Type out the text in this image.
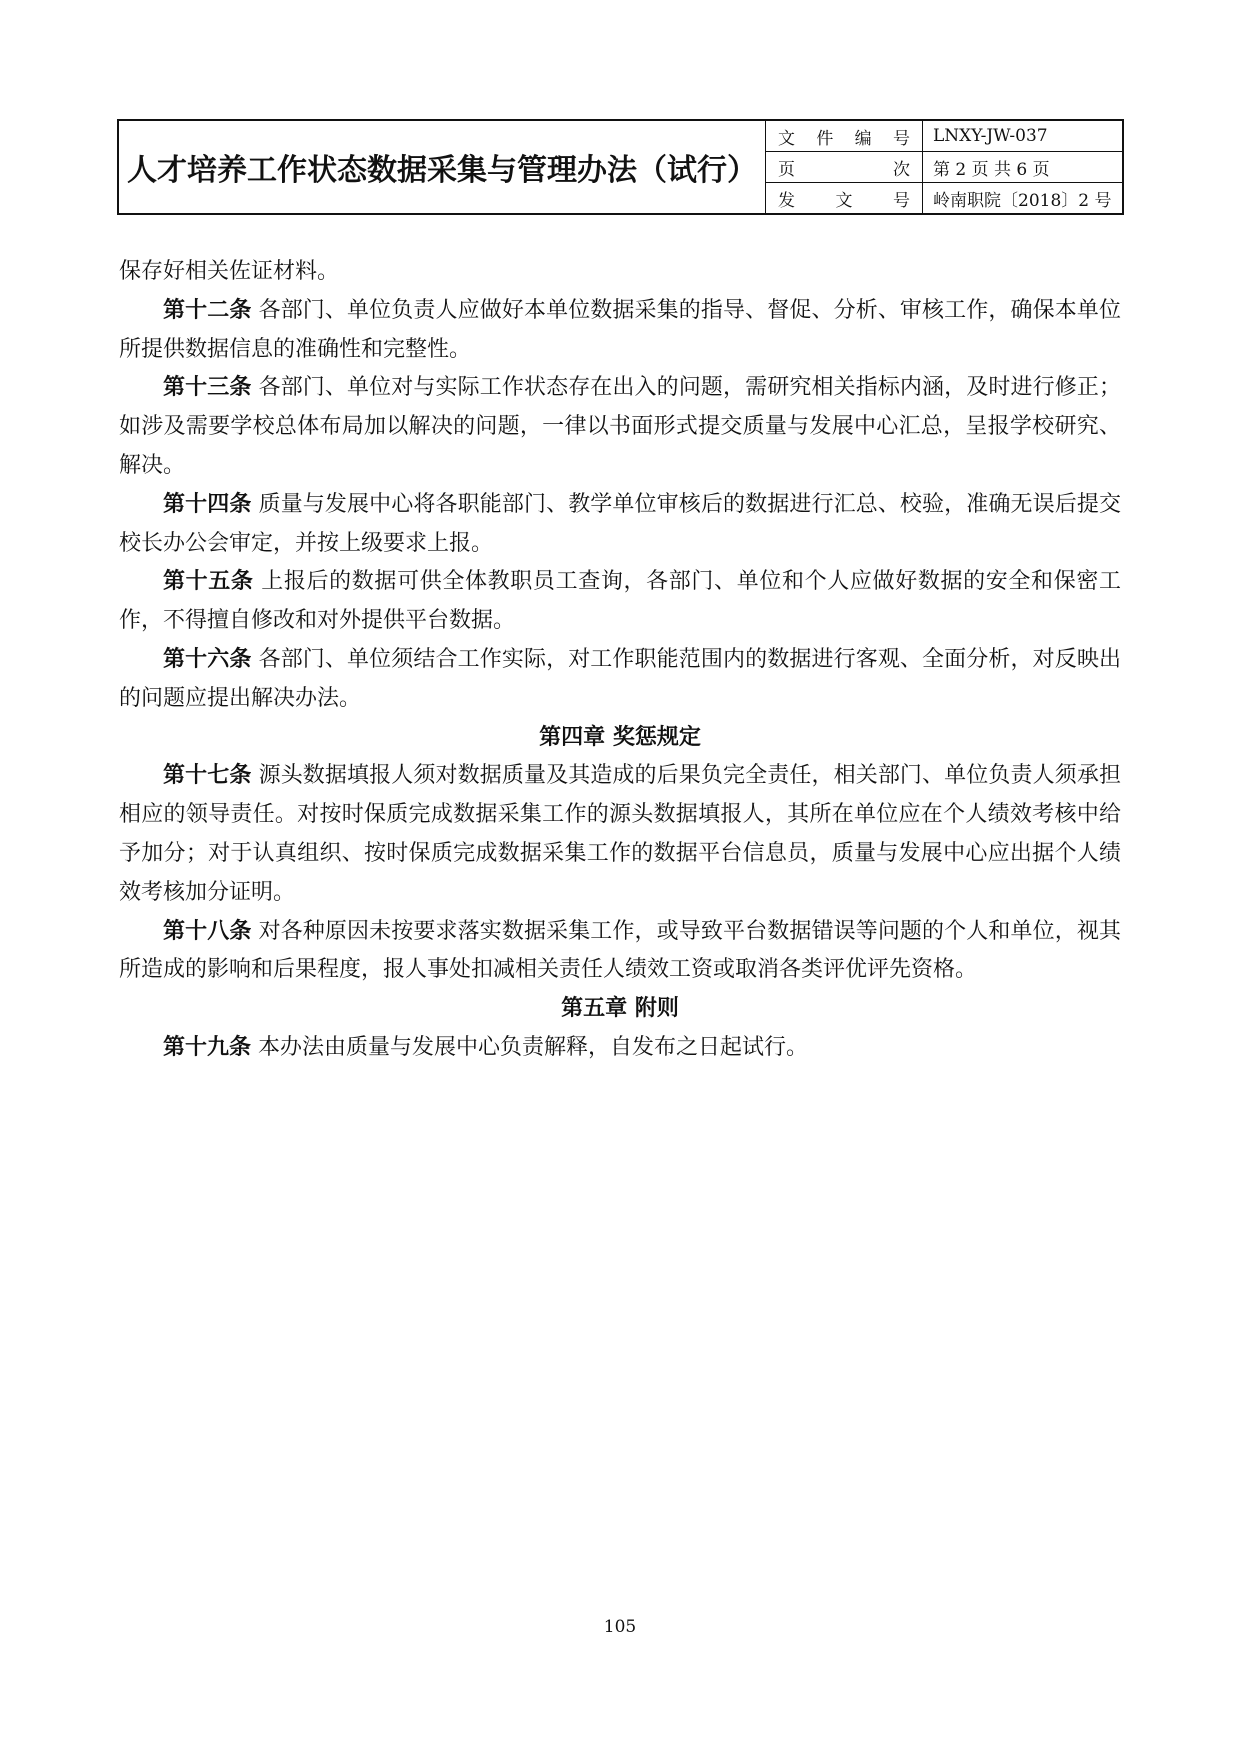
人才培养工作状态数据采集与管理办法（试行）	文件编号	LNXY-JW-037
	页次	第 2 页 共 6 页
	发文号	岭南职院〔2018〕2 号

保存好相关佐证材料。

第十二条 各部门、单位负责人应做好本单位数据采集的指导、督促、分析、审核工作，确保本单位所提供数据信息的准确性和完整性。

第十三条 各部门、单位对与实际工作状态存在出入的问题，需研究相关指标内涵，及时进行修正；如涉及需要学校总体布局加以解决的问题，一律以书面形式提交质量与发展中心汇总，呈报学校研究、解决。

第十四条 质量与发展中心将各职能部门、教学单位审核后的数据进行汇总、校验，准确无误后提交校长办公会审定，并按上级要求上报。

第十五条 上报后的数据可供全体教职员工查询，各部门、单位和个人应做好数据的安全和保密工作，不得擅自修改和对外提供平台数据。

第十六条 各部门、单位须结合工作实际，对工作职能范围内的数据进行客观、全面分析，对反映出的问题应提出解决办法。

第四章 奖惩规定

第十七条 源头数据填报人须对数据质量及其造成的后果负完全责任，相关部门、单位负责人须承担相应的领导责任。对按时保质完成数据采集工作的源头数据填报人，其所在单位应在个人绩效考核中给予加分；对于认真组织、按时保质完成数据采集工作的数据平台信息员，质量与发展中心应出据个人绩效考核加分证明。

第十八条 对各种原因未按要求落实数据采集工作，或导致平台数据错误等问题的个人和单位，视其所造成的影响和后果程度，报人事处扣减相关责任人绩效工资或取消各类评优评先资格。

第五章 附则

第十九条 本办法由质量与发展中心负责解释，自发布之日起试行。

105
